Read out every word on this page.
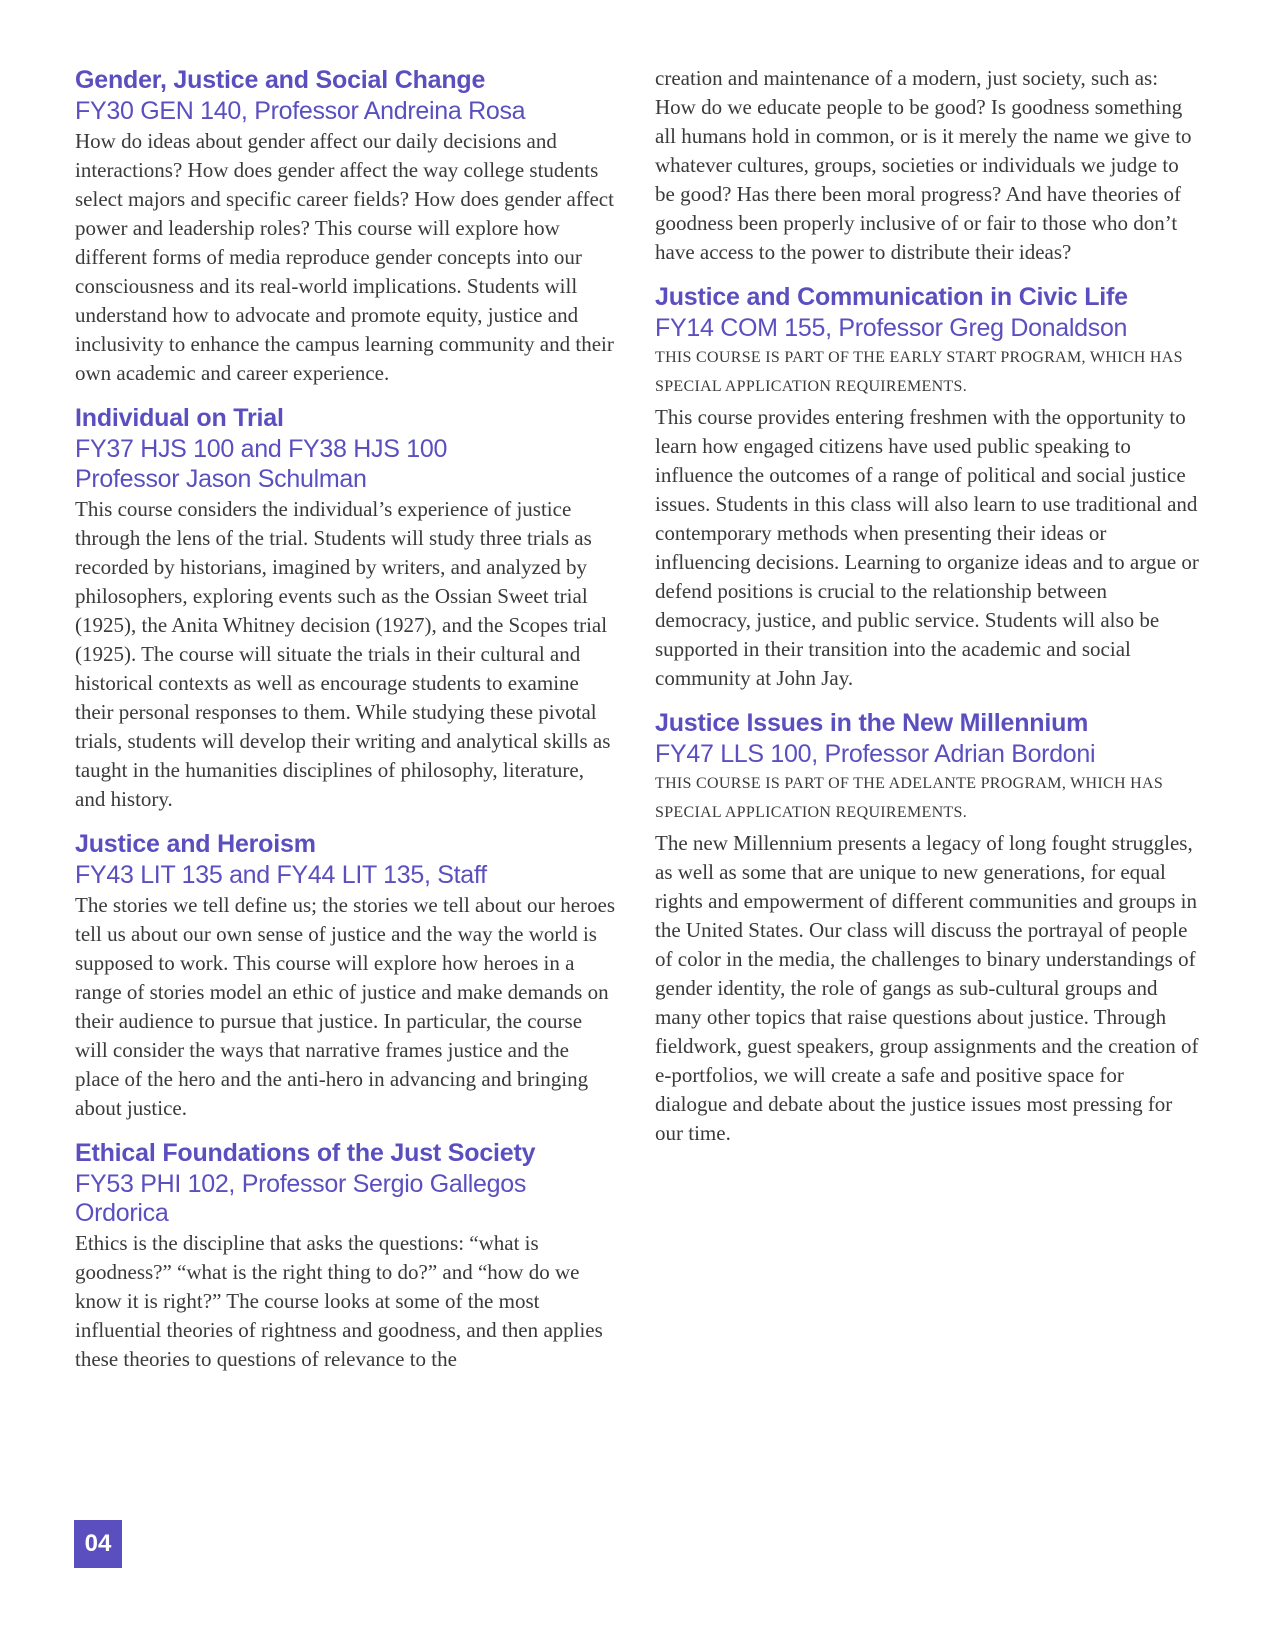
Gender, Justice and Social Change
FY30 GEN 140, Professor Andreina Rosa

How do ideas about gender affect our daily decisions and interactions? How does gender affect the way college students select majors and specific career fields? How does gender affect power and leadership roles? This course will explore how different forms of media reproduce gender concepts into our consciousness and its real-world implications. Students will understand how to advocate and promote equity, justice and inclusivity to enhance the campus learning community and their own academic and career experience.

Individual on Trial
FY37 HJS 100 and FY38 HJS 100
Professor Jason Schulman

This course considers the individual’s experience of justice through the lens of the trial. Students will study three trials as recorded by historians, imagined by writers, and analyzed by philosophers, exploring events such as the Ossian Sweet trial (1925), the Anita Whitney decision (1927), and the Scopes trial (1925). The course will situate the trials in their cultural and historical contexts as well as encourage students to examine their personal responses to them. While studying these pivotal trials, students will develop their writing and analytical skills as taught in the humanities disciplines of philosophy, literature, and history.

Justice and Heroism
FY43 LIT 135 and FY44 LIT 135, Staff

The stories we tell define us; the stories we tell about our heroes tell us about our own sense of justice and the way the world is supposed to work. This course will explore how heroes in a range of stories model an ethic of justice and make demands on their audience to pursue that justice. In particular, the course will consider the ways that narrative frames justice and the place of the hero and the anti-hero in advancing and bringing about justice.

Ethical Foundations of the Just Society
FY53 PHI 102, Professor Sergio Gallegos Ordorica

Ethics is the discipline that asks the questions: “what is goodness?” “what is the right thing to do?” and “how do we know it is right?” The course looks at some of the most influential theories of rightness and goodness, and then applies these theories to questions of relevance to the

creation and maintenance of a modern, just society, such as: How do we educate people to be good? Is goodness something all humans hold in common, or is it merely the name we give to whatever cultures, groups, societies or individuals we judge to be good? Has there been moral progress? And have theories of goodness been properly inclusive of or fair to those who don’t have access to the power to distribute their ideas?

Justice and Communication in Civic Life
FY14 COM 155, Professor Greg Donaldson

THIS COURSE IS PART OF THE EARLY START PROGRAM, WHICH HAS SPECIAL APPLICATION REQUIREMENTS.

This course provides entering freshmen with the opportunity to learn how engaged citizens have used public speaking to influence the outcomes of a range of political and social justice issues. Students in this class will also learn to use traditional and contemporary methods when presenting their ideas or influencing decisions. Learning to organize ideas and to argue or defend positions is crucial to the relationship between democracy, justice, and public service. Students will also be supported in their transition into the academic and social community at John Jay.

Justice Issues in the New Millennium
FY47 LLS 100, Professor Adrian Bordoni

THIS COURSE IS PART OF THE ADELANTE PROGRAM, WHICH HAS SPECIAL APPLICATION REQUIREMENTS.

The new Millennium presents a legacy of long fought struggles, as well as some that are unique to new generations, for equal rights and empowerment of different communities and groups in the United States. Our class will discuss the portrayal of people of color in the media, the challenges to binary understandings of gender identity, the role of gangs as sub-cultural groups and many other topics that raise questions about justice. Through fieldwork, guest speakers, group assignments and the creation of e-portfolios, we will create a safe and positive space for dialogue and debate about the justice issues most pressing for our time.

04
